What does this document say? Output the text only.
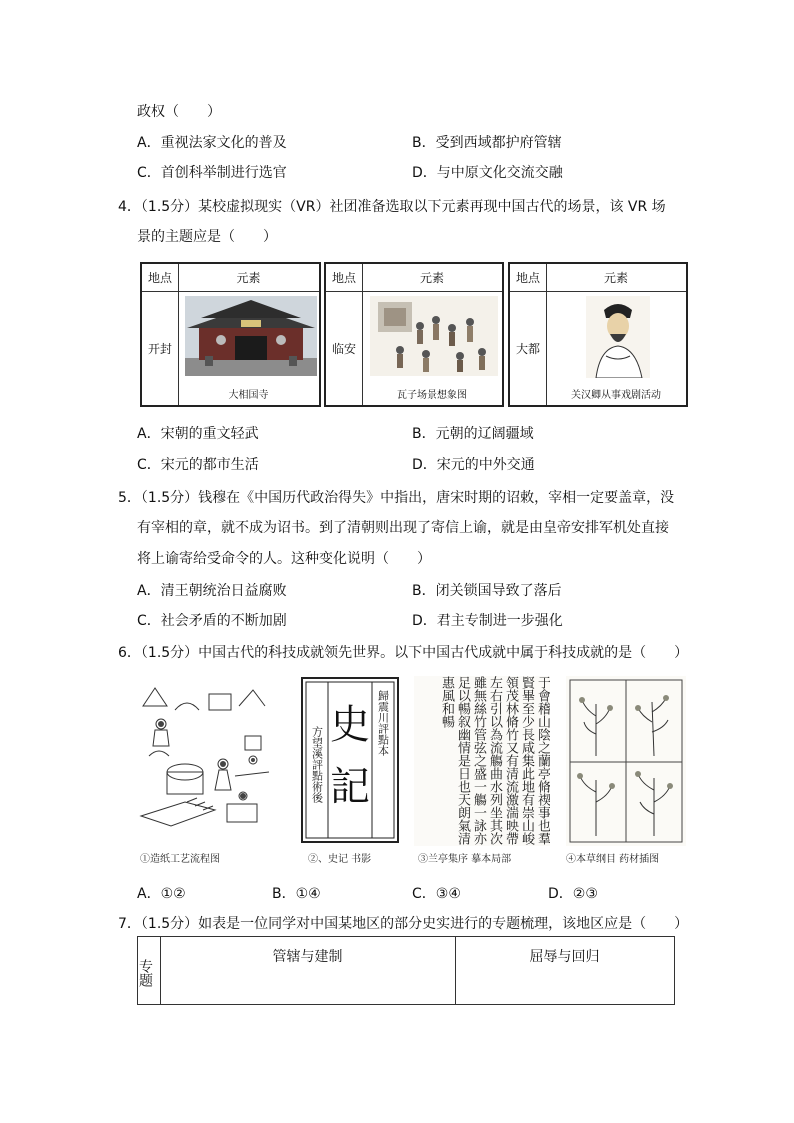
政权（　　）
A．重视法家文化的普及	B．受到西域都护府管辖
C．首创科举制进行选官	D．与中原文化交流交融
4．（1.5分）某校虚拟现实（VR）社团准备选取以下元素再现中国古代的场景，该 VR 场
景的主题应是（　　）
地点	元素
开封
大相国寺
地点	元素
临安
瓦子场景想象图
地点	元素
大都
关汉卿从事戏剧活动
A．宋朝的重文轻武	B．元朝的辽阔疆域
C．宋元的都市生活	D．宋元的中外交通
5．（1.5分）钱穆在《中国历代政治得失》中指出，唐宋时期的诏敕，宰相一定要盖章，没
有宰相的章，就不成为诏书。到了清朝则出现了寄信上谕，就是由皇帝安排军机处直接
将上谕寄给受命令的人。这种变化说明（　　）
A．清王朝统治日益腐败	B．闭关锁国导致了落后
C．社会矛盾的不断加剧	D．君主专制进一步强化
6．（1.5分）中国古代的科技成就领先世界。以下中国古代成就中属于科技成就的是（　　）
①造纸工艺流程图
方望溪評點術後
歸震川評點本
史
記
②、史记 书影
于會稽山陰之蘭亭脩禊事也羣賢畢至少長咸集此地有崇山峻領茂林脩竹又有清流激湍映帶左右引以為流觴曲水列坐其次雖無絲竹管弦之盛一觴一詠亦足以暢叙幽情是日也天朗氣清惠風和暢
③兰亭集序 摹本局部	④本草纲目 药材插图
A．①②	B．①④	C．③④	D．②③
7．（1.5分）如表是一位同学对中国某地区的部分史实进行的专题梳理，该地区应是（　　）
专题
管辖与建制	屈辱与回归
